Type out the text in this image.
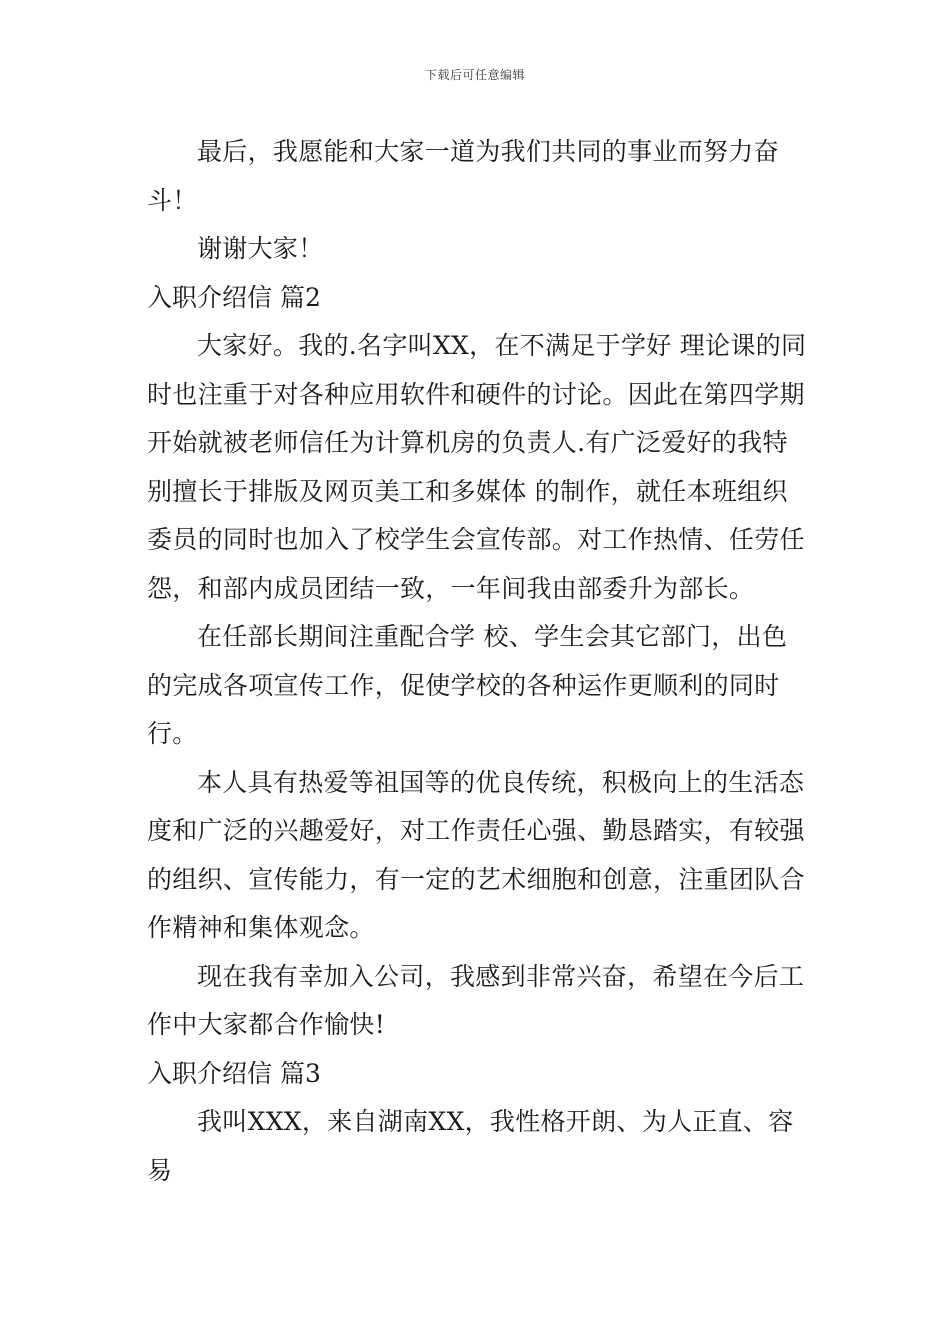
下载后可任意编辑

最后，我愿能和大家一道为我们共同的事业而努力奋斗！

谢谢大家！

入职介绍信 篇2

大家好。我的.名字叫XX，在不满足于学好 理论课的同时也注重于对各种应用软件和硬件的讨论。因此在第四学期开始就被老师信任为计算机房的负责人.有广泛爱好的我特别擅长于排版及网页美工和多媒体 的制作，就任本班组织委员的同时也加入了校学生会宣传部。对工作热情、任劳任怨，和部内成员团结一致，一年间我由部委升为部长。

在任部长期间注重配合学 校、学生会其它部门，出色的完成各项宣传工作，促使学校的各种运作更顺利的同时行。

本人具有热爱等祖国等的优良传统，积极向上的生活态度和广泛的兴趣爱好，对工作责任心强、勤恳踏实，有较强的组织、宣传能力，有一定的艺术细胞和创意，注重团队合作精神和集体观念。

现在我有幸加入公司，我感到非常兴奋，希望在今后工作中大家都合作愉快!

入职介绍信 篇3

我叫XXX，来自湖南XX，我性格开朗、为人正直、容易
